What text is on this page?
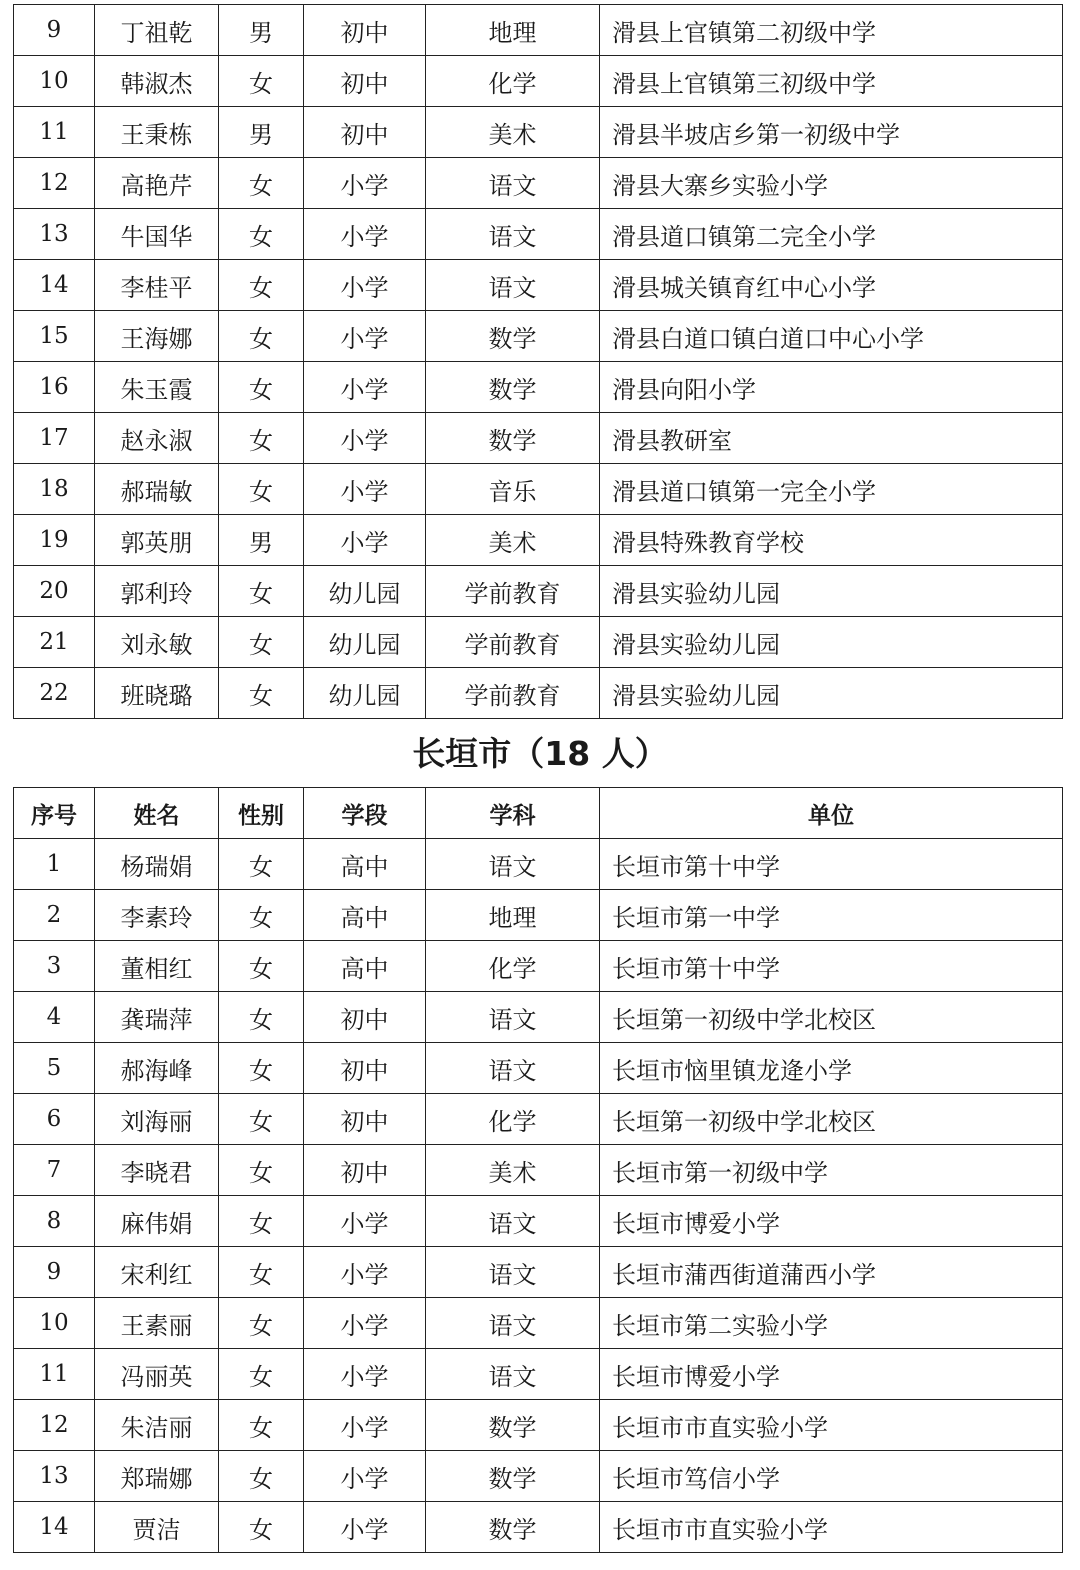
9	丁祖乾	男	初中	地理	滑县上官镇第二初级中学
10	韩淑杰	女	初中	化学	滑县上官镇第三初级中学
11	王秉栋	男	初中	美术	滑县半坡店乡第一初级中学
12	高艳芹	女	小学	语文	滑县大寨乡实验小学
13	牛国华	女	小学	语文	滑县道口镇第二完全小学
14	李桂平	女	小学	语文	滑县城关镇育红中心小学
15	王海娜	女	小学	数学	滑县白道口镇白道口中心小学
16	朱玉霞	女	小学	数学	滑县向阳小学
17	赵永淑	女	小学	数学	滑县教研室
18	郝瑞敏	女	小学	音乐	滑县道口镇第一完全小学
19	郭英朋	男	小学	美术	滑县特殊教育学校
20	郭利玲	女	幼儿园	学前教育	滑县实验幼儿园
21	刘永敏	女	幼儿园	学前教育	滑县实验幼儿园
22	班晓璐	女	幼儿园	学前教育	滑县实验幼儿园
长垣市（18 人）
序号	姓名	性别	学段	学科	单位
1	杨瑞娟	女	高中	语文	长垣市第十中学
2	李素玲	女	高中	地理	长垣市第一中学
3	董相红	女	高中	化学	长垣市第十中学
4	龚瑞萍	女	初中	语文	长垣第一初级中学北校区
5	郝海峰	女	初中	语文	长垣市恼里镇龙逄小学
6	刘海丽	女	初中	化学	长垣第一初级中学北校区
7	李晓君	女	初中	美术	长垣市第一初级中学
8	麻伟娟	女	小学	语文	长垣市博爱小学
9	宋利红	女	小学	语文	长垣市蒲西街道蒲西小学
10	王素丽	女	小学	语文	长垣市第二实验小学
11	冯丽英	女	小学	语文	长垣市博爱小学
12	朱洁丽	女	小学	数学	长垣市市直实验小学
13	郑瑞娜	女	小学	数学	长垣市笃信小学
14	贾洁	女	小学	数学	长垣市市直实验小学
